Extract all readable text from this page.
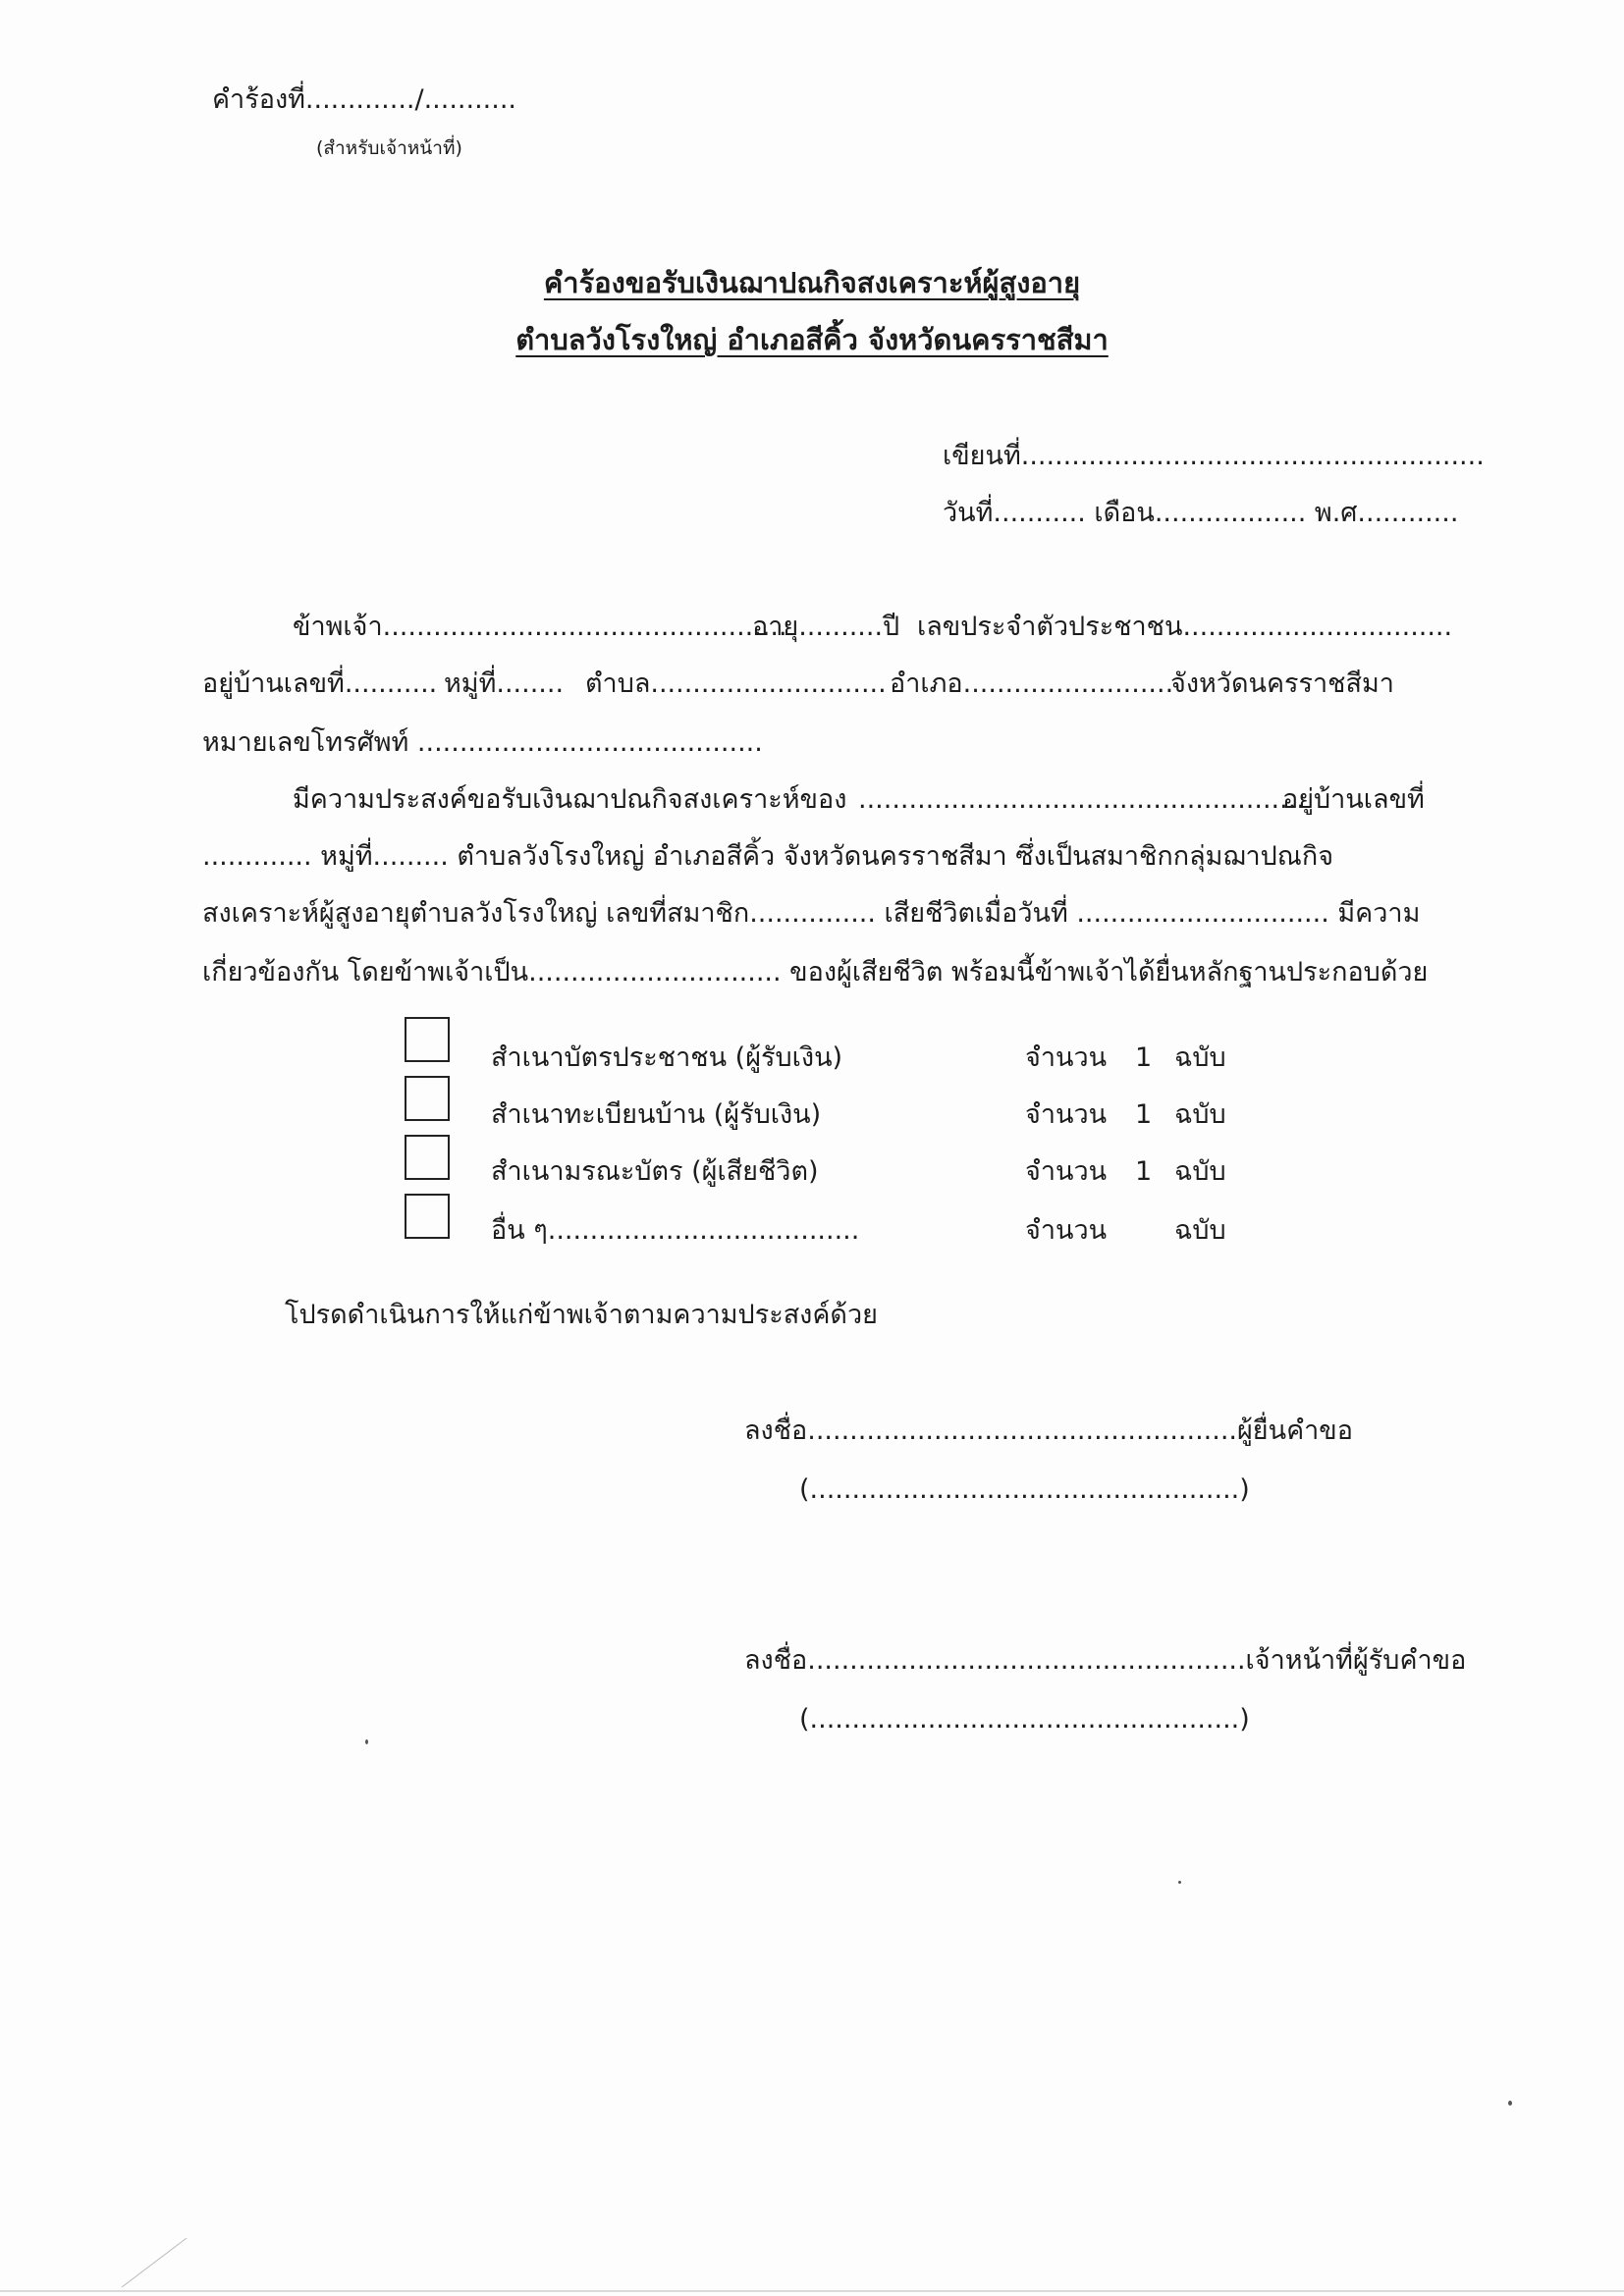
คำร้องที่............./...........
(สำหรับเจ้าหน้าที่)
คำร้องขอรับเงินฌาปณกิจสงเคราะห์ผู้สูงอายุ
ตำบลวังโรงใหญ่ อำเภอสีคิ้ว จังหวัดนครราชสีมา
เขียนที่.......................................................
วันที่........... เดือน.................. พ.ศ............
ข้าพเจ้า................................................
อายุ..........ปี เลขประจำตัวประชาชน................................
อยู่บ้านเลขที่........... หมู่ที่........ ตำบล............................ อำเภอ.........................
จังหวัดนครราชสีมา
หมายเลขโทรศัพท์ .........................................
มีความประสงค์ขอรับเงินฌาปณกิจสงเคราะห์ของ .....................................................
อยู่บ้านเลขที่
............. หมู่ที่......... ตำบลวังโรงใหญ่ อำเภอสีคิ้ว จังหวัดนครราชสีมา ซึ่งเป็นสมาชิกกลุ่มฌาปณกิจ
สงเคราะห์ผู้สูงอายุตำบลวังโรงใหญ่ เลขที่สมาชิก............... เสียชีวิตเมื่อวันที่ .............................. มีความ
เกี่ยวข้องกัน โดยข้าพเจ้าเป็น.............................. ของผู้เสียชีวิต พร้อมนี้ข้าพเจ้าได้ยื่นหลักฐานประกอบด้วย
สำเนาบัตรประชาชน (ผู้รับเงิน)	จำนวน 1 ฉบับ
สำเนาทะเบียนบ้าน (ผู้รับเงิน)	จำนวน 1 ฉบับ
สำเนามรณะบัตร (ผู้เสียชีวิต)	จำนวน 1 ฉบับ
อื่น ๆ.....................................	จำนวน	ฉบับ
โปรดดำเนินการให้แก่ข้าพเจ้าตามความประสงค์ด้วย
ลงชื่อ...................................................ผู้ยื่นคำขอ
(...................................................)
ลงชื่อ....................................................เจ้าหน้าที่ผู้รับคำขอ
(...................................................)
